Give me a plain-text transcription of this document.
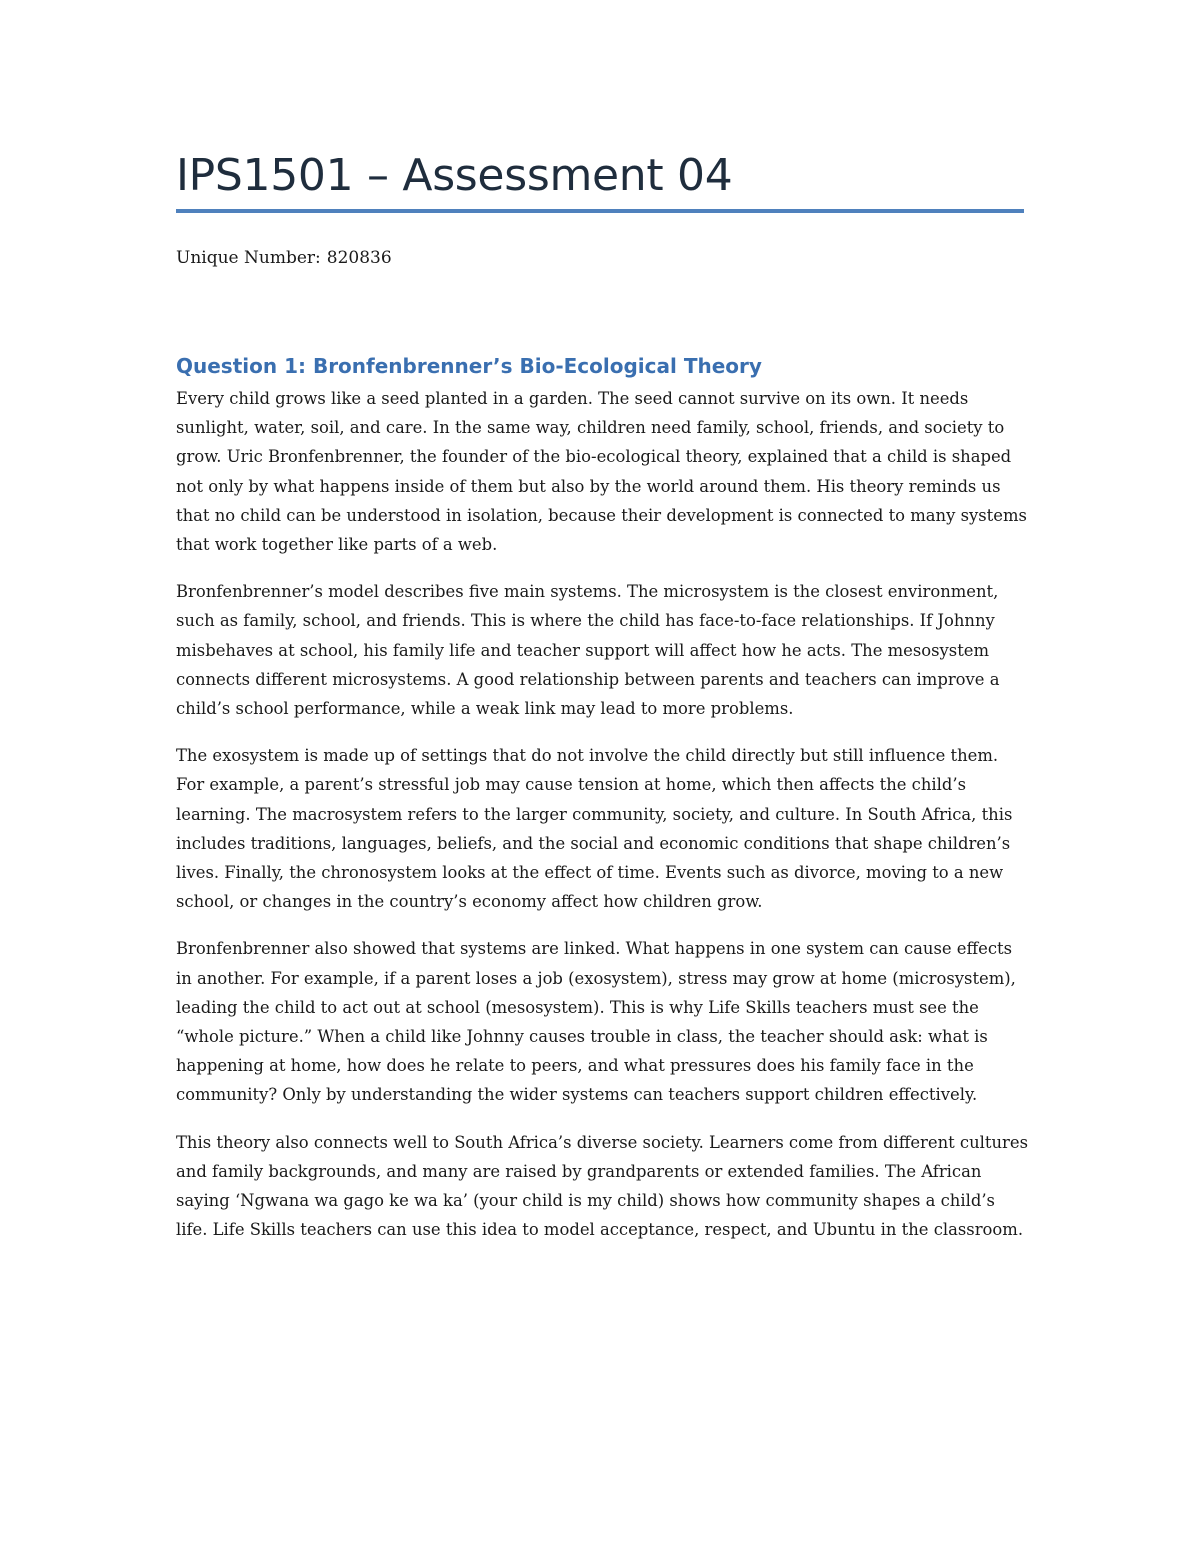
IPS1501 – Assessment 04

Unique Number: 820836

Question 1: Bronfenbrenner’s Bio-Ecological Theory

Every child grows like a seed planted in a garden. The seed cannot survive on its own. It needs sunlight, water, soil, and care. In the same way, children need family, school, friends, and society to grow. Uric Bronfenbrenner, the founder of the bio-ecological theory, explained that a child is shaped not only by what happens inside of them but also by the world around them. His theory reminds us that no child can be understood in isolation, because their development is connected to many systems that work together like parts of a web.

Bronfenbrenner’s model describes five main systems. The microsystem is the closest environment, such as family, school, and friends. This is where the child has face-to-face relationships. If Johnny misbehaves at school, his family life and teacher support will affect how he acts. The mesosystem connects different microsystems. A good relationship between parents and teachers can improve a child’s school performance, while a weak link may lead to more problems.

The exosystem is made up of settings that do not involve the child directly but still influence them. For example, a parent’s stressful job may cause tension at home, which then affects the child’s learning. The macrosystem refers to the larger community, society, and culture. In South Africa, this includes traditions, languages, beliefs, and the social and economic conditions that shape children’s lives. Finally, the chronosystem looks at the effect of time. Events such as divorce, moving to a new school, or changes in the country’s economy affect how children grow.

Bronfenbrenner also showed that systems are linked. What happens in one system can cause effects in another. For example, if a parent loses a job (exosystem), stress may grow at home (microsystem), leading the child to act out at school (mesosystem). This is why Life Skills teachers must see the “whole picture.” When a child like Johnny causes trouble in class, the teacher should ask: what is happening at home, how does he relate to peers, and what pressures does his family face in the community? Only by understanding the wider systems can teachers support children effectively.

This theory also connects well to South Africa’s diverse society. Learners come from different cultures and family backgrounds, and many are raised by grandparents or extended families. The African saying ‘Ngwana wa gago ke wa ka’ (your child is my child) shows how community shapes a child’s life. Life Skills teachers can use this idea to model acceptance, respect, and Ubuntu in the classroom.
